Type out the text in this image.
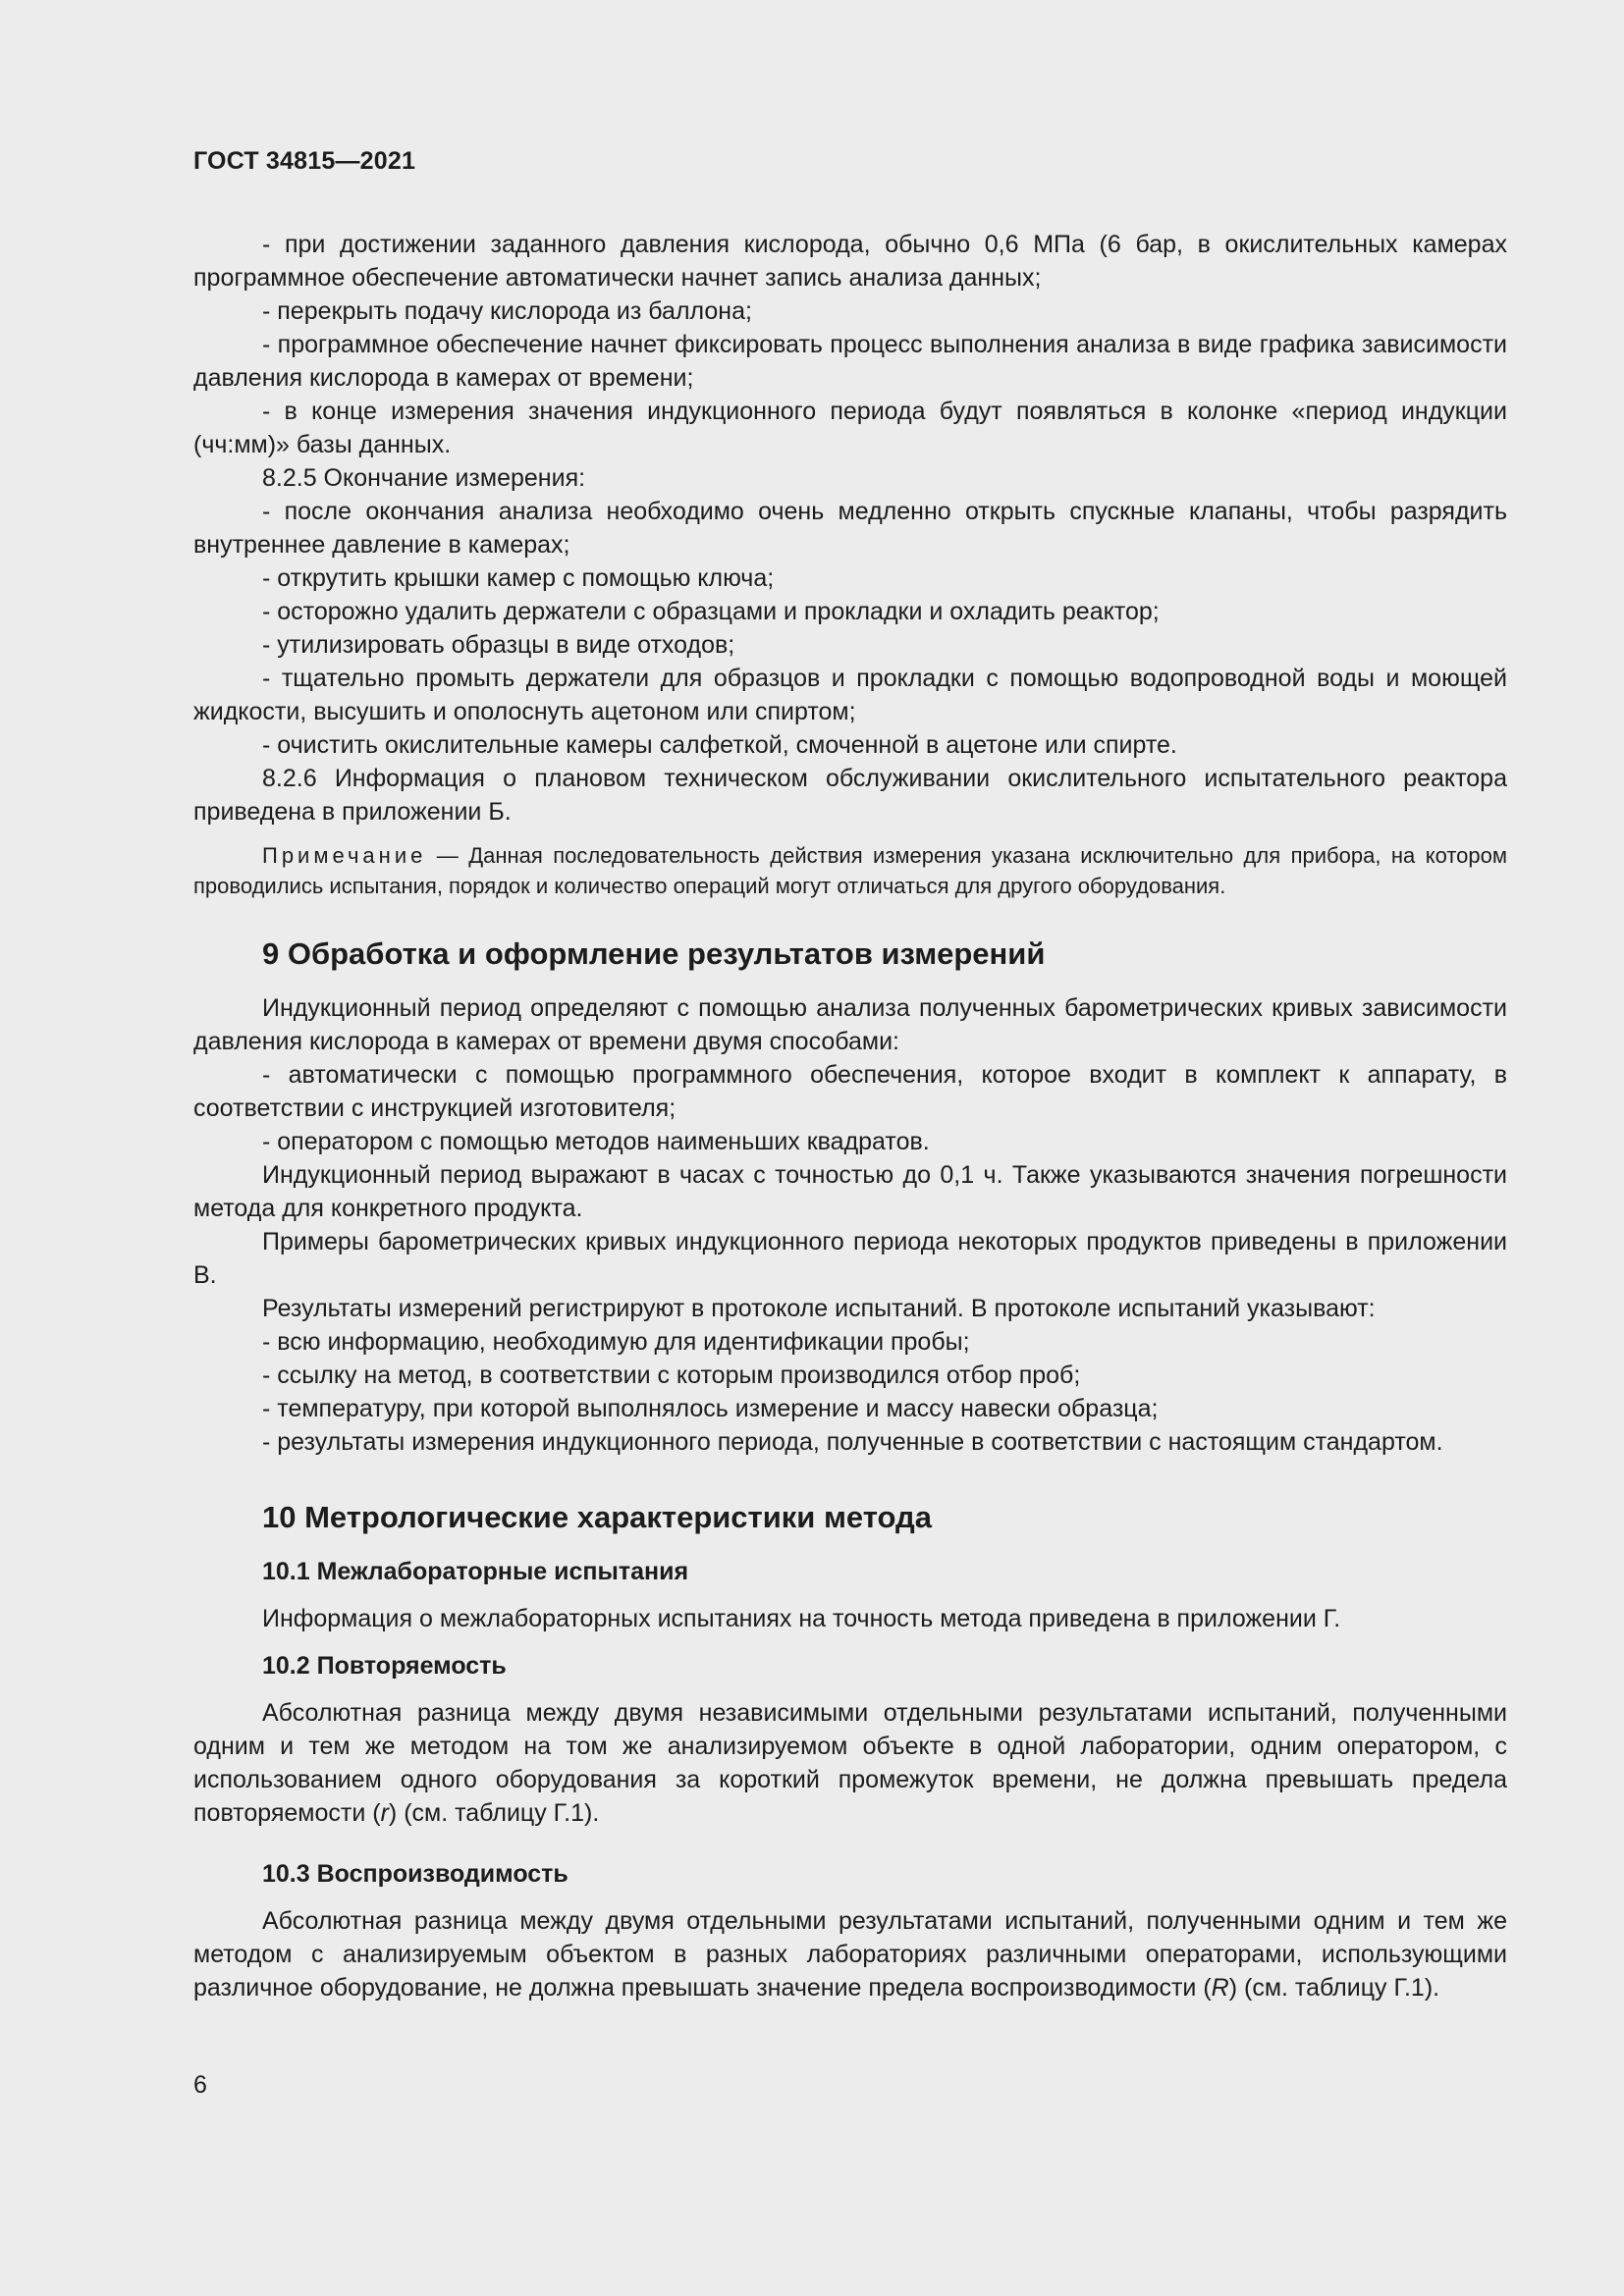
ГОСТ 34815—2021

- при достижении заданного давления кислорода, обычно 0,6 МПа (6 бар, в окислительных камерах программное обеспечение автоматически начнет запись анализа данных;

- перекрыть подачу кислорода из баллона;

- программное обеспечение начнет фиксировать процесс выполнения анализа в виде графика зависимости давления кислорода в камерах от времени;

- в конце измерения значения индукционного периода будут появляться в колонке «период индукции (чч:мм)» базы данных.

8.2.5 Окончание измерения:

- после окончания анализа необходимо очень медленно открыть спускные клапаны, чтобы разрядить внутреннее давление в камерах;

- открутить крышки камер с помощью ключа;

- осторожно удалить держатели с образцами и прокладки и охладить реактор;

- утилизировать образцы в виде отходов;

- тщательно промыть держатели для образцов и прокладки с помощью водопроводной воды и моющей жидкости, высушить и ополоснуть ацетоном или спиртом;

- очистить окислительные камеры салфеткой, смоченной в ацетоне или спирте.

8.2.6 Информация о плановом техническом обслуживании окислительного испытательного реактора приведена в приложении Б.

Примечание — Данная последовательность действия измерения указана исключительно для прибора, на котором проводились испытания, порядок и количество операций могут отличаться для другого оборудования.

9 Обработка и оформление результатов измерений

Индукционный период определяют с помощью анализа полученных барометрических кривых зависимости давления кислорода в камерах от времени двумя способами:

- автоматически с помощью программного обеспечения, которое входит в комплект к аппарату, в соответствии с инструкцией изготовителя;

- оператором с помощью методов наименьших квадратов.

Индукционный период выражают в часах с точностью до 0,1 ч. Также указываются значения погрешности метода для конкретного продукта.

Примеры барометрических кривых индукционного периода некоторых продуктов приведены в приложении В.

Результаты измерений регистрируют в протоколе испытаний. В протоколе испытаний указывают:

- всю информацию, необходимую для идентификации пробы;

- ссылку на метод, в соответствии с которым производился отбор проб;

- температуру, при которой выполнялось измерение и массу навески образца;

- результаты измерения индукционного периода, полученные в соответствии с настоящим стандартом.

10 Метрологические характеристики метода
10.1 Межлабораторные испытания

Информация о межлабораторных испытаниях на точность метода приведена в приложении Г.

10.2 Повторяемость

Абсолютная разница между двумя независимыми отдельными результатами испытаний, полученными одним и тем же методом на том же анализируемом объекте в одной лаборатории, одним оператором, с использованием одного оборудования за короткий промежуток времени, не должна превышать предела повторяемости (r) (см. таблицу Г.1).

10.3 Воспроизводимость

Абсолютная разница между двумя отдельными результатами испытаний, полученными одним и тем же методом с анализируемым объектом в разных лабораториях различными операторами, использующими различное оборудование, не должна превышать значение предела воспроизводимости (R) (см. таблицу Г.1).

6
